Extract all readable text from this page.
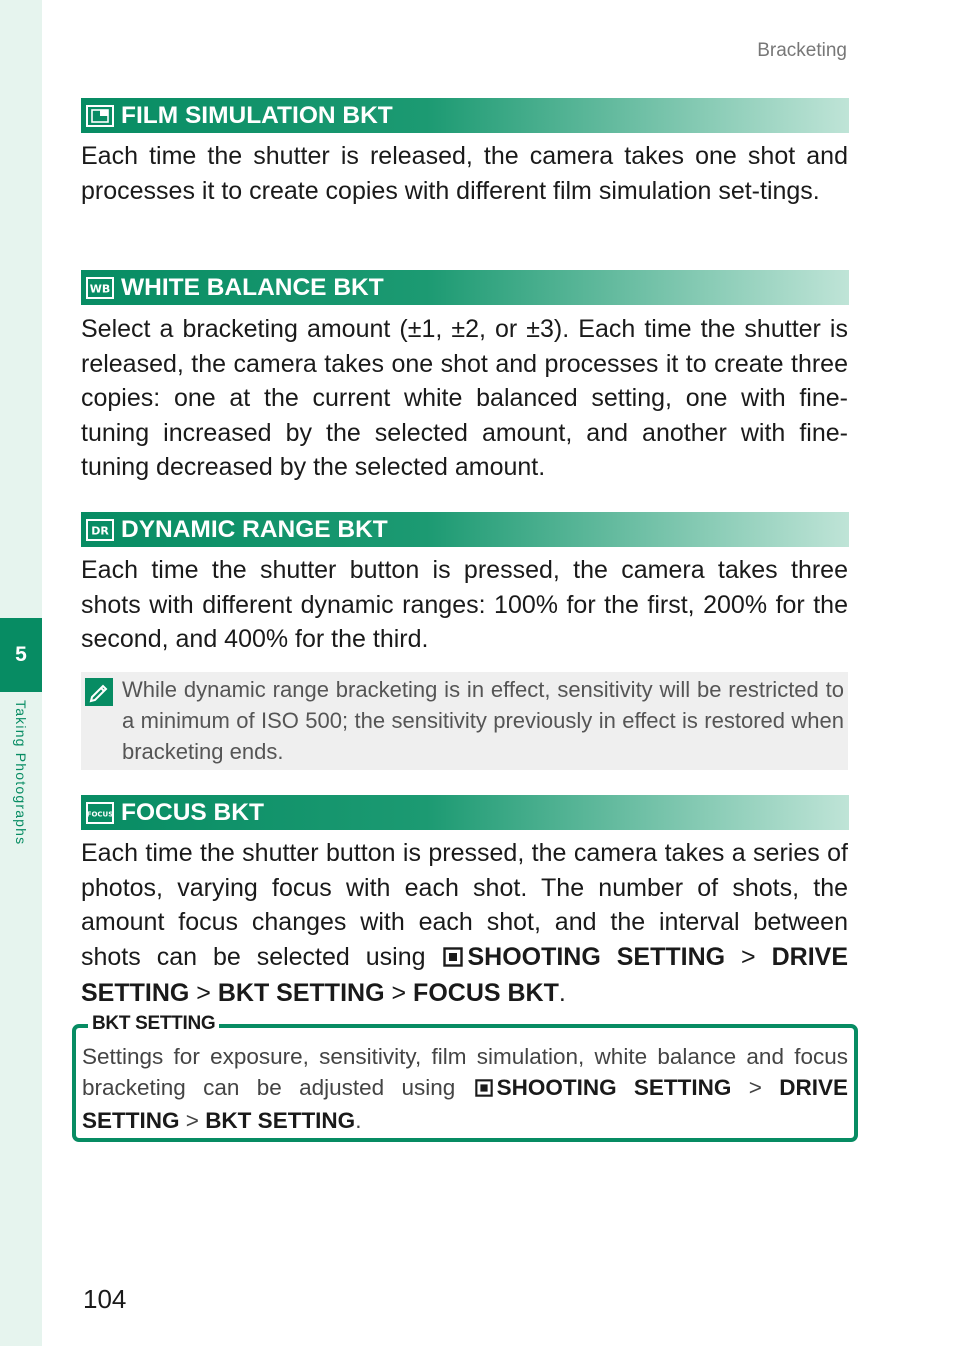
5
Taking Photographs
Bracketing
FILM SIMULATION BKT

Each time the shutter is released, the camera takes one shot and processes it to create copies with different film simulation set-tings.

WB WHITE BALANCE BKT

Select a bracketing amount (±1, ±2, or ±3). Each time the shutter is released, the camera takes one shot and processes it to create three copies: one at the current white balanced setting, one with fine-tuning increased by the selected amount, and another with fine-tuning decreased by the selected amount.

DR DYNAMIC RANGE BKT

Each time the shutter button is pressed, the camera takes three shots with different dynamic ranges: 100% for the first, 200% for the second, and 400% for the third.

While dynamic range bracketing is in effect, sensitivity will be restricted to a minimum of ISO 500; the sensitivity previously in effect is restored when bracketing ends.

FOCUS FOCUS BKT

Each time the shutter button is pressed, the camera takes a series of photos, varying focus with each shot. The number of shots, the amount focus changes with each shot, and the interval between shots can be selected using SHOOTING SETTING > DRIVE SETTING > BKT SETTING > FOCUS BKT.

BKT SETTING

Settings for exposure, sensitivity, film simulation, white balance and focus bracketing can be adjusted using SHOOTING SETTING > DRIVE SETTING > BKT SETTING.

104
